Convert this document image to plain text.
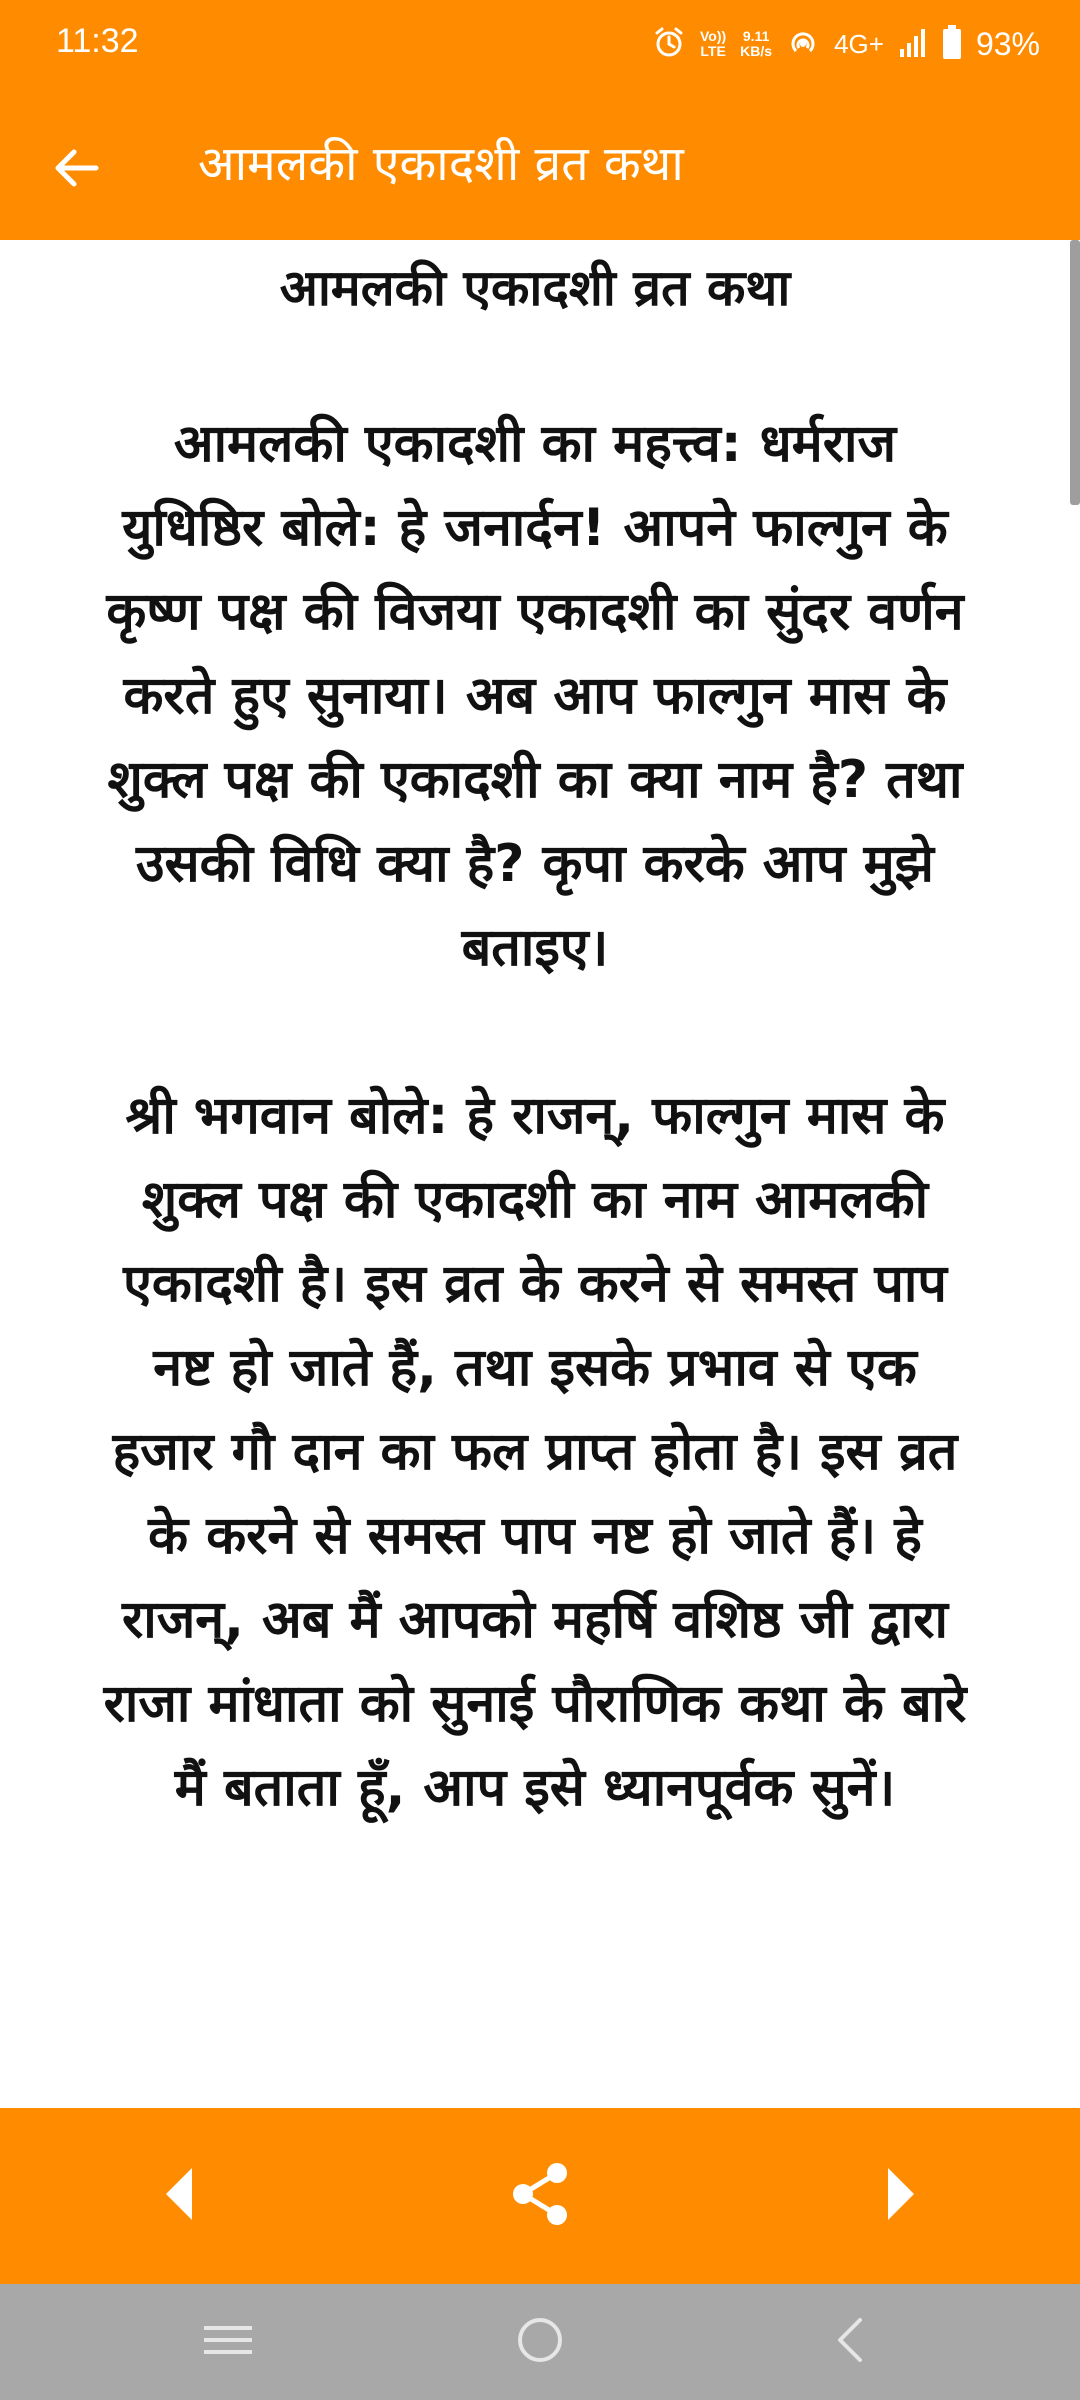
11:32	Vo))
LTE
9.11
KB/s 4G+	93%
आमलकी एकादशी व्रत कथा

आमलकी एकादशी व्रत कथा

आमलकी एकादशी का महत्त्व: धर्मराज युधिष्ठिर बोले: हे जनार्दन! आपने फाल्गुन के कृष्ण पक्ष की विजया एकादशी का सुंदर वर्णन करते हुए सुनाया। अब आप फाल्गुन मास के शुक्ल पक्ष की एकादशी का क्या नाम है? तथा उसकी विधि क्या है? कृपा करके आप मुझे बताइए।

श्री भगवान बोले: हे राजन्, फाल्गुन मास के शुक्ल पक्ष की एकादशी का नाम आमलकी एकादशी है। इस व्रत के करने से समस्त पाप नष्ट हो जाते हैं, तथा इसके प्रभाव से एक हजार गौ दान का फल प्राप्त होता है। इस व्रत के करने से समस्त पाप नष्ट हो जाते हैं। हे राजन्, अब मैं आपको महर्षि वशिष्ठ जी द्वारा राजा मांधाता को सुनाई पौराणिक कथा के बारे मैं बताता हूँ, आप इसे ध्यानपूर्वक सुनें।
